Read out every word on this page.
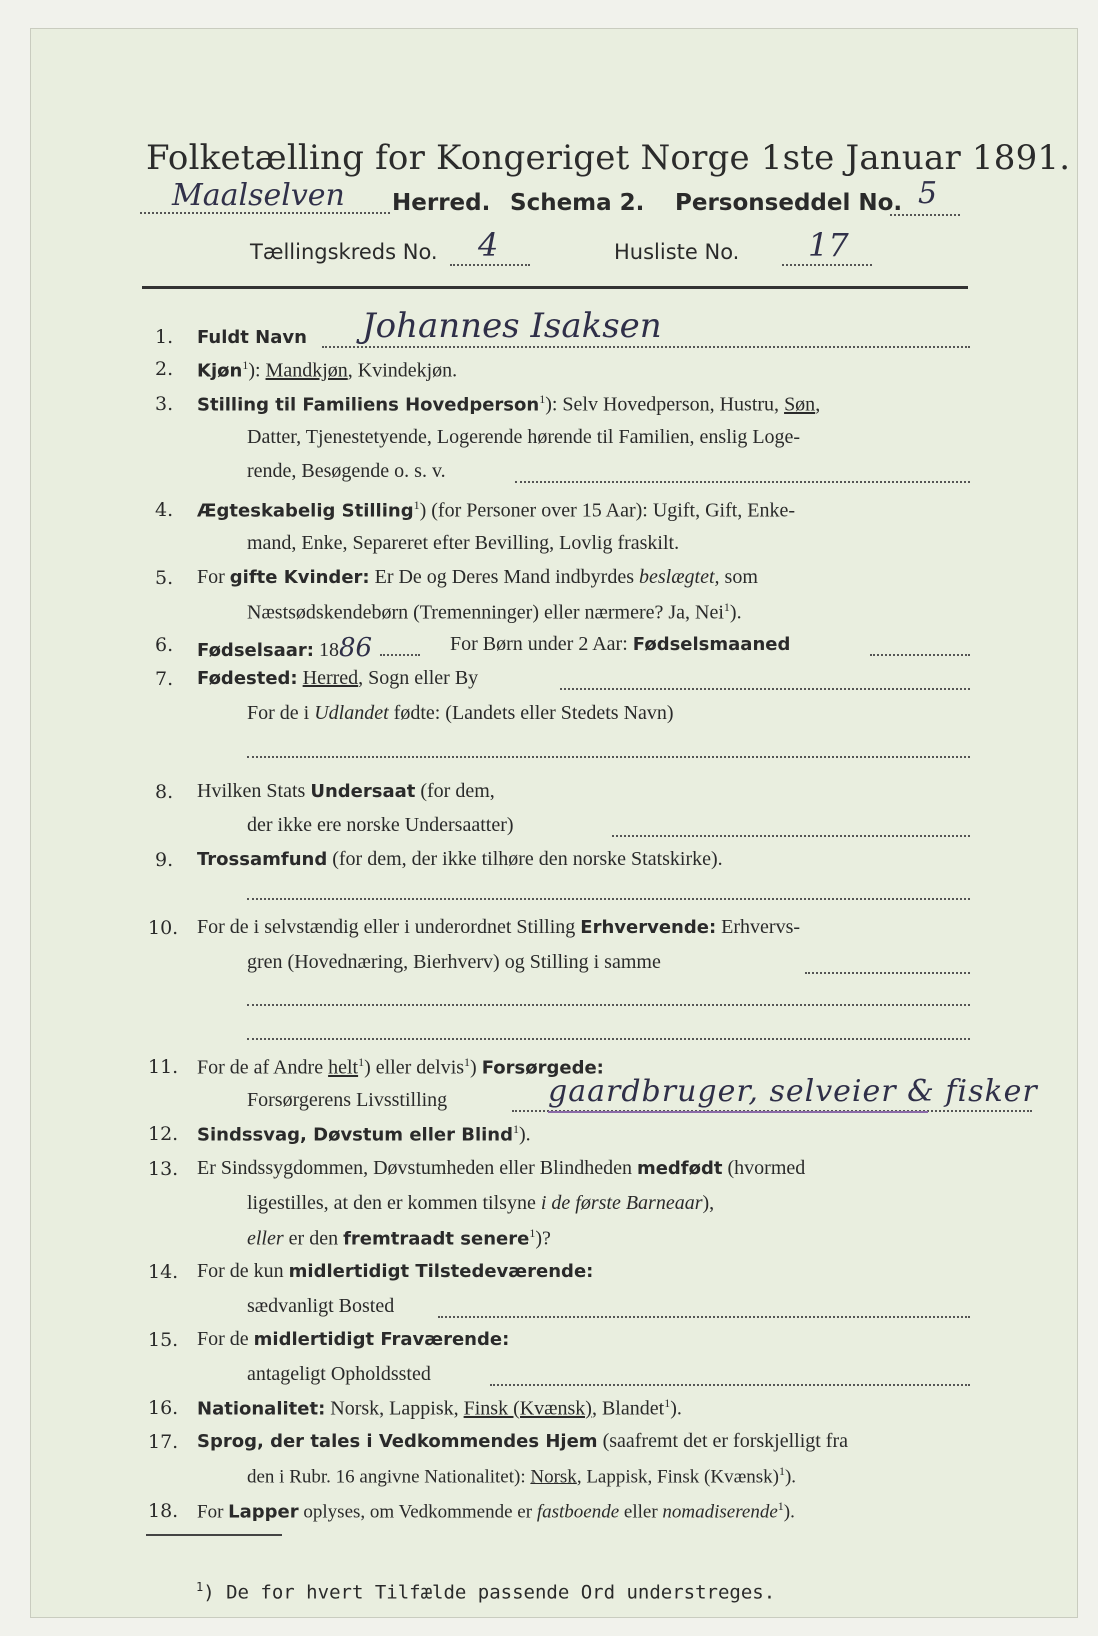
Folketælling for Kongeriget Norge 1ste Januar 1891.
Maalselven Herred. Schema 2. Personseddel No. 5
Tællingskreds No. 4	Husliste No. 17
1. Fuldt Navn Johannes Isaksen
2. Kjøn$^1$): Mandkjøn, Kvindekjøn.
3. Stilling til Familiens Hovedperson$^1$): Selv Hovedperson, Hustru, Søn,
Datter, Tjenestetyende, Logerende hørende til Familien, enslig Loge-
rende, Besøgende o. s. v.
4. Ægteskabelig Stilling$^1$) (for Personer over 15 Aar): Ugift, Gift, Enke-
mand, Enke, Separeret efter Bevilling, Lovlig fraskilt.
5. For gifte Kvinder: Er De og Deres Mand indbyrdes beslægtet, som
Næstsødskendebørn (Tremenninger) eller nærmere? Ja, Nei$^1$).
6. Fødselsaar: 1886	For Børn under 2 Aar: Fødselsmaaned
7. Fødested: Herred, Sogn eller By
For de i Udlandet fødte: (Landets eller Stedets Navn)
8. Hvilken Stats Undersaat (for dem,
der ikke ere norske Undersaatter)
9. Trossamfund (for dem, der ikke tilhøre den norske Statskirke).
10. For de i selvstændig eller i underordnet Stilling Erhvervende: Erhvervs-
gren (Hovednæring, Bierhverv) og Stilling i samme
11. For de af Andre helt$^1$) eller delvis$^1$) Forsørgede:
Forsørgerens Livsstilling	gaardbruger, selveier & fisker
12. Sindssvag, Døvstum eller Blind$^1$).
13. Er Sindssygdommen, Døvstumheden eller Blindheden medfødt (hvormed
ligestilles, at den er kommen tilsyne i de første Barneaar),
eller er den fremtraadt senere$^1$)?
14. For de kun midlertidigt Tilstedeværende:
sædvanligt Bosted
15. For de midlertidigt Fraværende:
antageligt Opholdssted
16. Nationalitet: Norsk, Lappisk, Finsk (Kvænsk), Blandet$^1$).
17. Sprog, der tales i Vedkommendes Hjem (saafremt det er forskjelligt fra
den i Rubr. 16 angivne Nationalitet): Norsk, Lappisk, Finsk (Kvænsk)$^1$).
18. For Lapper oplyses, om Vedkommende er fastboende eller nomadiserende$^1$).
$^1$) De for hvert Tilfælde passende Ord understreges.
